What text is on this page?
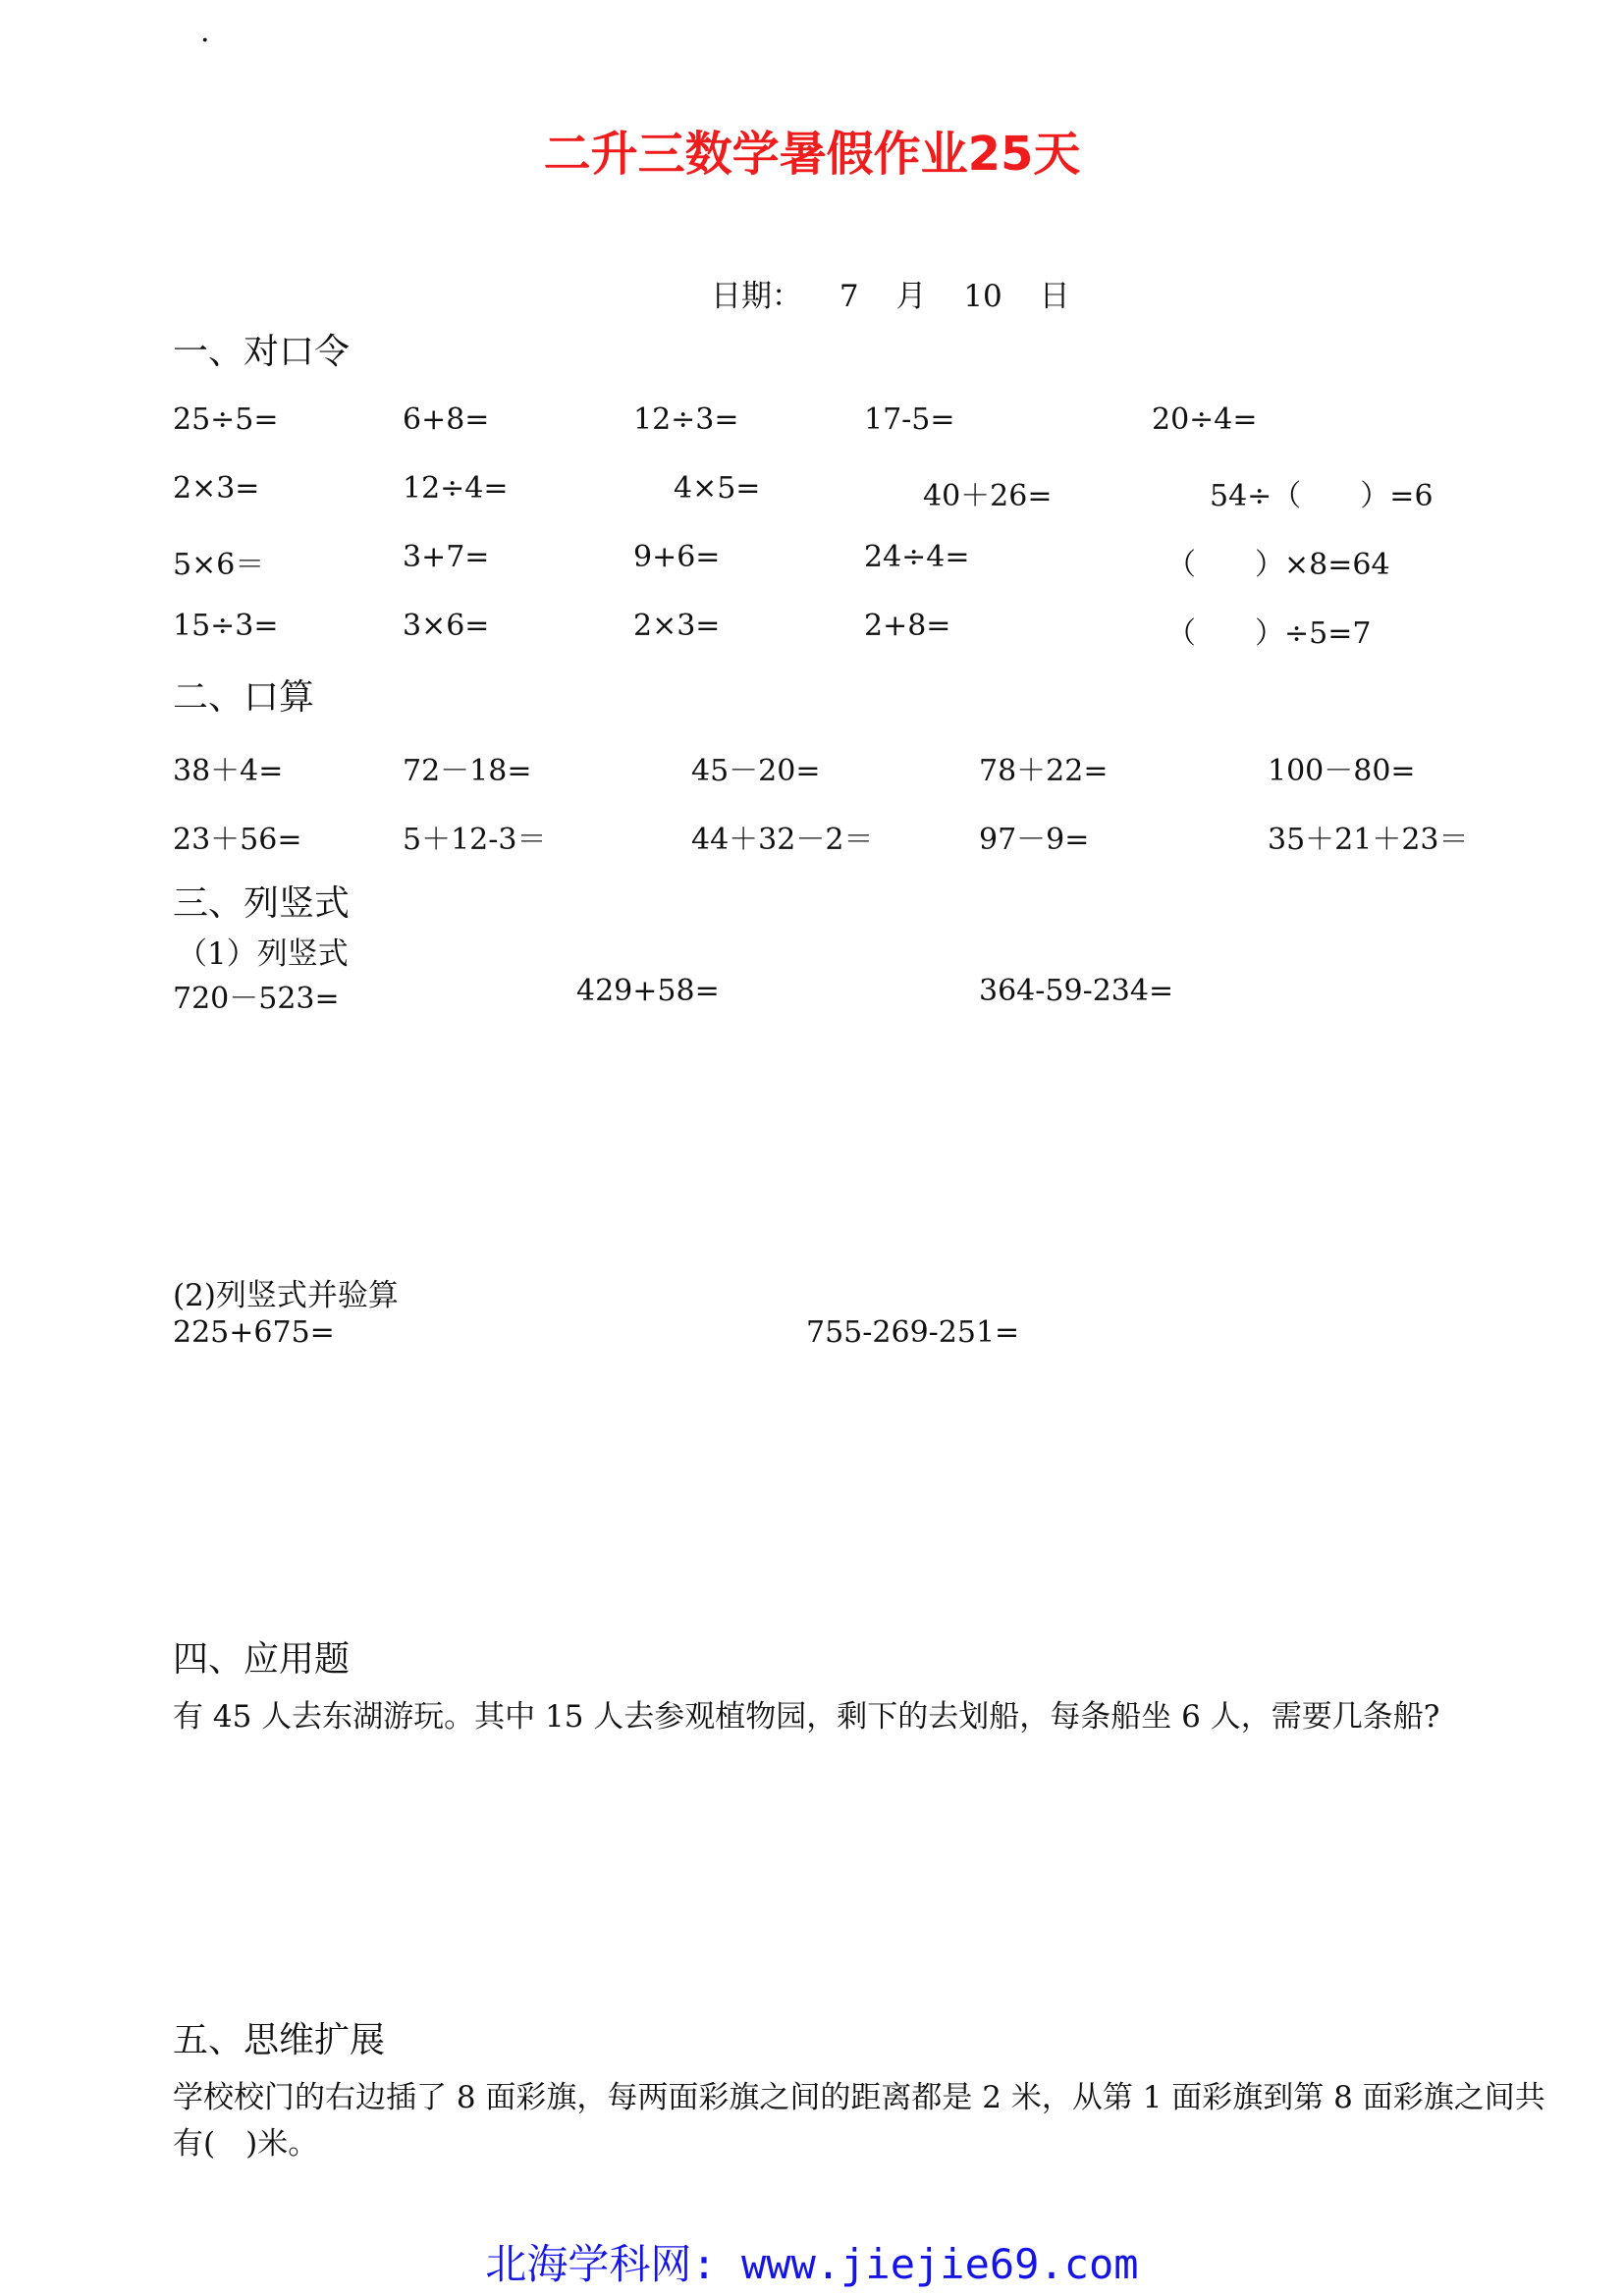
·
二升三数学暑假作业25天
日期： 7 月 10 日
一、对口令
25÷5=	6+8=	12÷3=	17-5=	20÷4=
2×3=	12÷4=	4×5=	40＋26=	54÷（　　）=6
5×6＝	3+7=	9+6=	24÷4=	（　　）×8=64
15÷3=	3×6=	2×3=	2+8=	（　　）÷5=7
二、口算
38＋4=	72－18=	45－20=	78＋22=	100－80=
23＋56=	5＋12-3＝	44＋32－2＝	97－9=	35＋21＋23＝
三、列竖式
（1）列竖式
720－523=	429+58=	364-59-234=
(2)列竖式并验算
225+675=	755-269-251=
四、应用题
有 45 人去东湖游玩。其中 15 人去参观植物园，剩下的去划船，每条船坐 6 人，需要几条船?
五、思维扩展
学校校门的右边插了 8 面彩旗，每两面彩旗之间的距离都是 2 米，从第 1 面彩旗到第 8 面彩旗之间共有(　)米。
北海学科网: www.jiejie69.com
